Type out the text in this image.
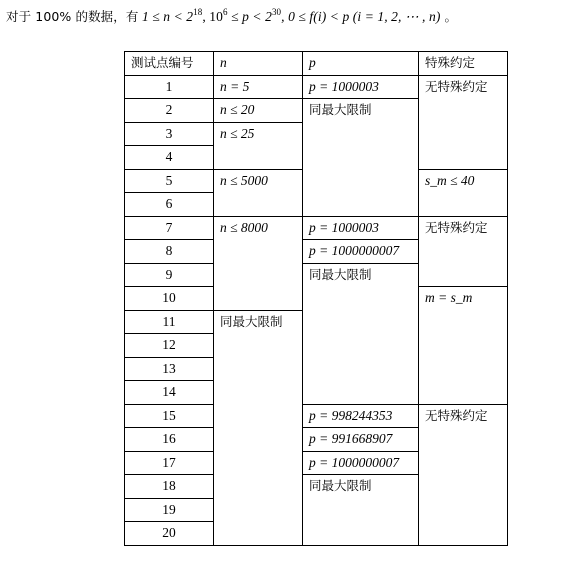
对于 100% 的数据，有 $1 \le n < 2^{18}$, $10^6 \le p < 2^{30}$, 0 ≤ f(i) < p (i = 1, 2, ⋯ , n) 。
测试点编号	n	p	特殊约定
1	n = 5	p = 1000003	无特殊约定
2	n ≤ 20	同最大限制	
3	n ≤ 25		
4			
5	n ≤ 5000		s_m ≤ 40
6			
7	n ≤ 8000	p = 1000003	无特殊约定
8		p = 1000000007	
9		同最大限制	
10			m = s_m
11	同最大限制		
12			
13			
14			
15		p = 998244353	无特殊约定
16		p = 991668907	
17		p = 1000000007	
18		同最大限制	
19			
20			
